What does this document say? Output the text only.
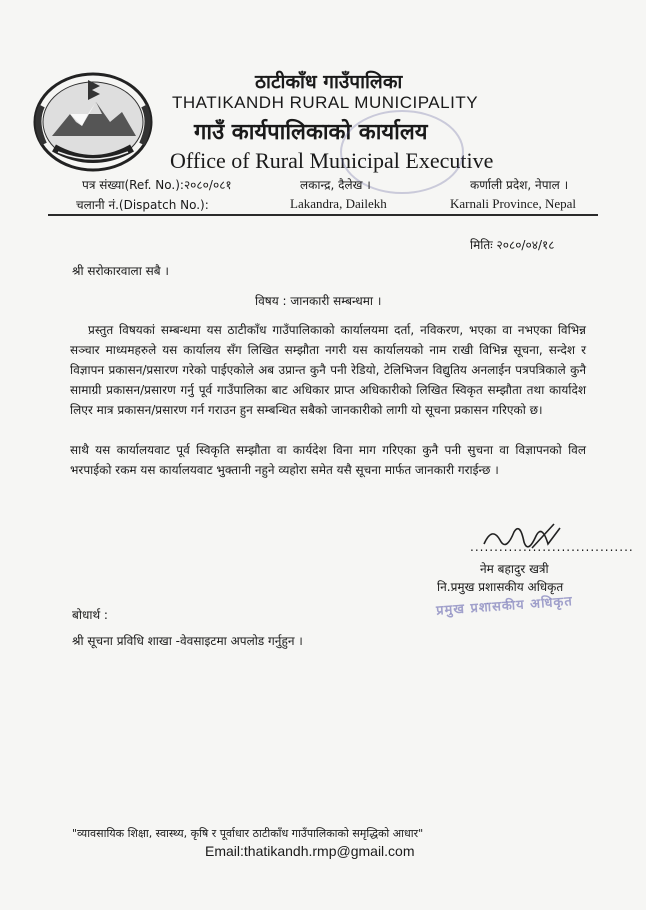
ठाटीकाँध गाउँपालिका
THATIKANDH RURAL MUNICIPALITY
गाउँ कार्यपालिकाको कार्यालय
Office of Rural Municipal Executive
पत्र संख्या(Ref. No.):२०८०/०८१
चलानी नं.(Dispatch No.):
लकान्द्र, दैलेख ।
Lakandra, Dailekh
कर्णाली प्रदेश, नेपाल ।
Karnali Province, Nepal
मितिः २०८०/०४/१८
श्री सरोकारवाला सबै ।
विषय : जानकारी सम्बन्धमा ।

प्रस्तुत विषयकां सम्बन्धमा यस ठाटीकाँध गाउँपालिकाको कार्यालयमा दर्ता, नविकरण, भएका वा नभएका विभिन्न सञ्चार माध्यमहरुले यस कार्यालय सँग लिखित सम्झौता नगरी यस कार्यालयको नाम राखी विभिन्न सूचना, सन्देश र विज्ञापन प्रकासन/प्रसारण गरेको पाईएकोले अब उप्रान्त कुनै पनी रेडियो, टेलिभिजन विद्युतिय अनलाईन पत्रपत्रिकाले कुनै सामाग्री प्रकासन/प्रसारण गर्नु पूर्व गाउँपालिका बाट अधिकार प्राप्त अधिकारीको लिखित स्विकृत सम्झौता तथा कार्यादेश लिएर मात्र प्रकासन/प्रसारण गर्न गराउन हुन सम्बन्धित सबैको जानकारीको लागी यो सूचना प्रकासन गरिएको छ।

साथै यस कार्यालयवाट पूर्व स्विकृति सम्झौता वा कार्यदेश विना माग गरिएका कुनै पनी सुचना वा विज्ञापनको विल भरपाईको रकम यस कार्यालयवाट भुक्तानी नहुने व्यहोरा समेत यसै सूचना मार्फत जानकारी गराईन्छ ।

..................................
नेम बहादुर खत्री
नि.प्रमुख प्रशासकीय अधिकृत
प्रमुख प्रशासकीय अधिकृत
बोधार्थ :
श्री सूचना प्रविधि शाखा -वेवसाइटमा अपलोड गर्नुहुन ।
"व्यावसायिक शिक्षा, स्वास्थ्य, कृषि र पूर्वाधार ठाटीकाँध गाउँपालिकाको समृद्धिको आधार"
Email:thatikandh.rmp@gmail.com
